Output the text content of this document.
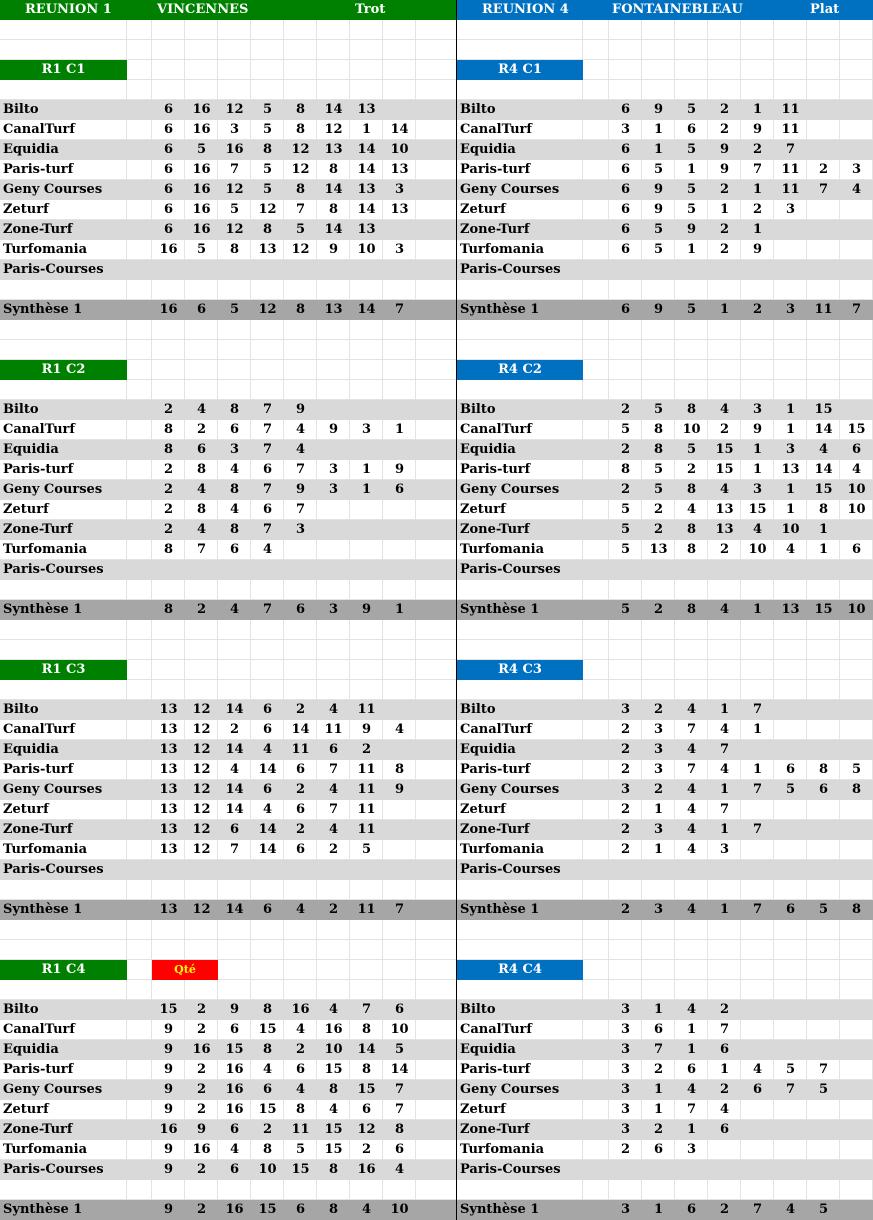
REUNION 1	VINCENNES	Trot
R1 C1
Bilto	6	16	12	5	8	14	13
CanalTurf	6	16	3	5	8	12	1	14
Equidia	6	5	16	8	12	13	14	10
Paris-turf	6	16	7	5	12	8	14	13
Geny Courses	6	16	12	5	8	14	13	3
Zeturf	6	16	5	12	7	8	14	13
Zone-Turf	6	16	12	8	5	14	13
Turfomania	16	5	8	13	12	9	10	3
Paris-Courses
Synthèse 1	16	6	5	12	8	13	14	7
R1 C2
Bilto	2	4	8	7	9
CanalTurf	8	2	6	7	4	9	3	1
Equidia	8	6	3	7	4
Paris-turf	2	8	4	6	7	3	1	9
Geny Courses	2	4	8	7	9	3	1	6
Zeturf	2	8	4	6	7
Zone-Turf	2	4	8	7	3
Turfomania	8	7	6	4
Paris-Courses
Synthèse 1	8	2	4	7	6	3	9	1
R1 C3
Bilto	13	12	14	6	2	4	11
CanalTurf	13	12	2	6	14	11	9	4
Equidia	13	12	14	4	11	6	2
Paris-turf	13	12	4	14	6	7	11	8
Geny Courses	13	12	14	6	2	4	11	9
Zeturf	13	12	14	4	6	7	11
Zone-Turf	13	12	6	14	2	4	11
Turfomania	13	12	7	14	6	2	5
Paris-Courses
Synthèse 1	13	12	14	6	4	2	11	7
R1 C4	Qté
Bilto	15	2	9	8	16	4	7	6
CanalTurf	9	2	6	15	4	16	8	10
Equidia	9	16	15	8	2	10	14	5
Paris-turf	9	2	16	4	6	15	8	14
Geny Courses	9	2	16	6	4	8	15	7
Zeturf	9	2	16	15	8	4	6	7
Zone-Turf	16	9	6	2	11	15	12	8
Turfomania	9	16	4	8	5	15	2	6
Paris-Courses	9	2	6	10	15	8	16	4
Synthèse 1	9	2	16	15	6	8	4	10
REUNION 4	FONTAINEBLEAU	Plat
R4 C1
Bilto	6	9	5	2	1	11
CanalTurf	3	1	6	2	9	11
Equidia	6	1	5	9	2	7
Paris-turf	6	5	1	9	7	11	2	3
Geny Courses	6	9	5	2	1	11	7	4
Zeturf	6	9	5	1	2	3
Zone-Turf	6	5	9	2	1
Turfomania	6	5	1	2	9
Paris-Courses
Synthèse 1	6	9	5	1	2	3	11	7
R4 C2
Bilto	2	5	8	4	3	1	15
CanalTurf	5	8	10	2	9	1	14	15
Equidia	2	8	5	15	1	3	4	6
Paris-turf	8	5	2	15	1	13	14	4
Geny Courses	2	5	8	4	3	1	15	10
Zeturf	5	2	4	13	15	1	8	10
Zone-Turf	5	2	8	13	4	10	1
Turfomania	5	13	8	2	10	4	1	6
Paris-Courses
Synthèse 1	5	2	8	4	1	13	15	10
R4 C3
Bilto	3	2	4	1	7
CanalTurf	2	3	7	4	1
Equidia	2	3	4	7
Paris-turf	2	3	7	4	1	6	8	5
Geny Courses	3	2	4	1	7	5	6	8
Zeturf	2	1	4	7
Zone-Turf	2	3	4	1	7
Turfomania	2	1	4	3
Paris-Courses
Synthèse 1	2	3	4	1	7	6	5	8
R4 C4
Bilto	3	1	4	2
CanalTurf	3	6	1	7
Equidia	3	7	1	6
Paris-turf	3	2	6	1	4	5	7
Geny Courses	3	1	4	2	6	7	5
Zeturf	3	1	7	4
Zone-Turf	3	2	1	6
Turfomania	2	6	3
Paris-Courses
Synthèse 1	3	1	6	2	7	4	5
